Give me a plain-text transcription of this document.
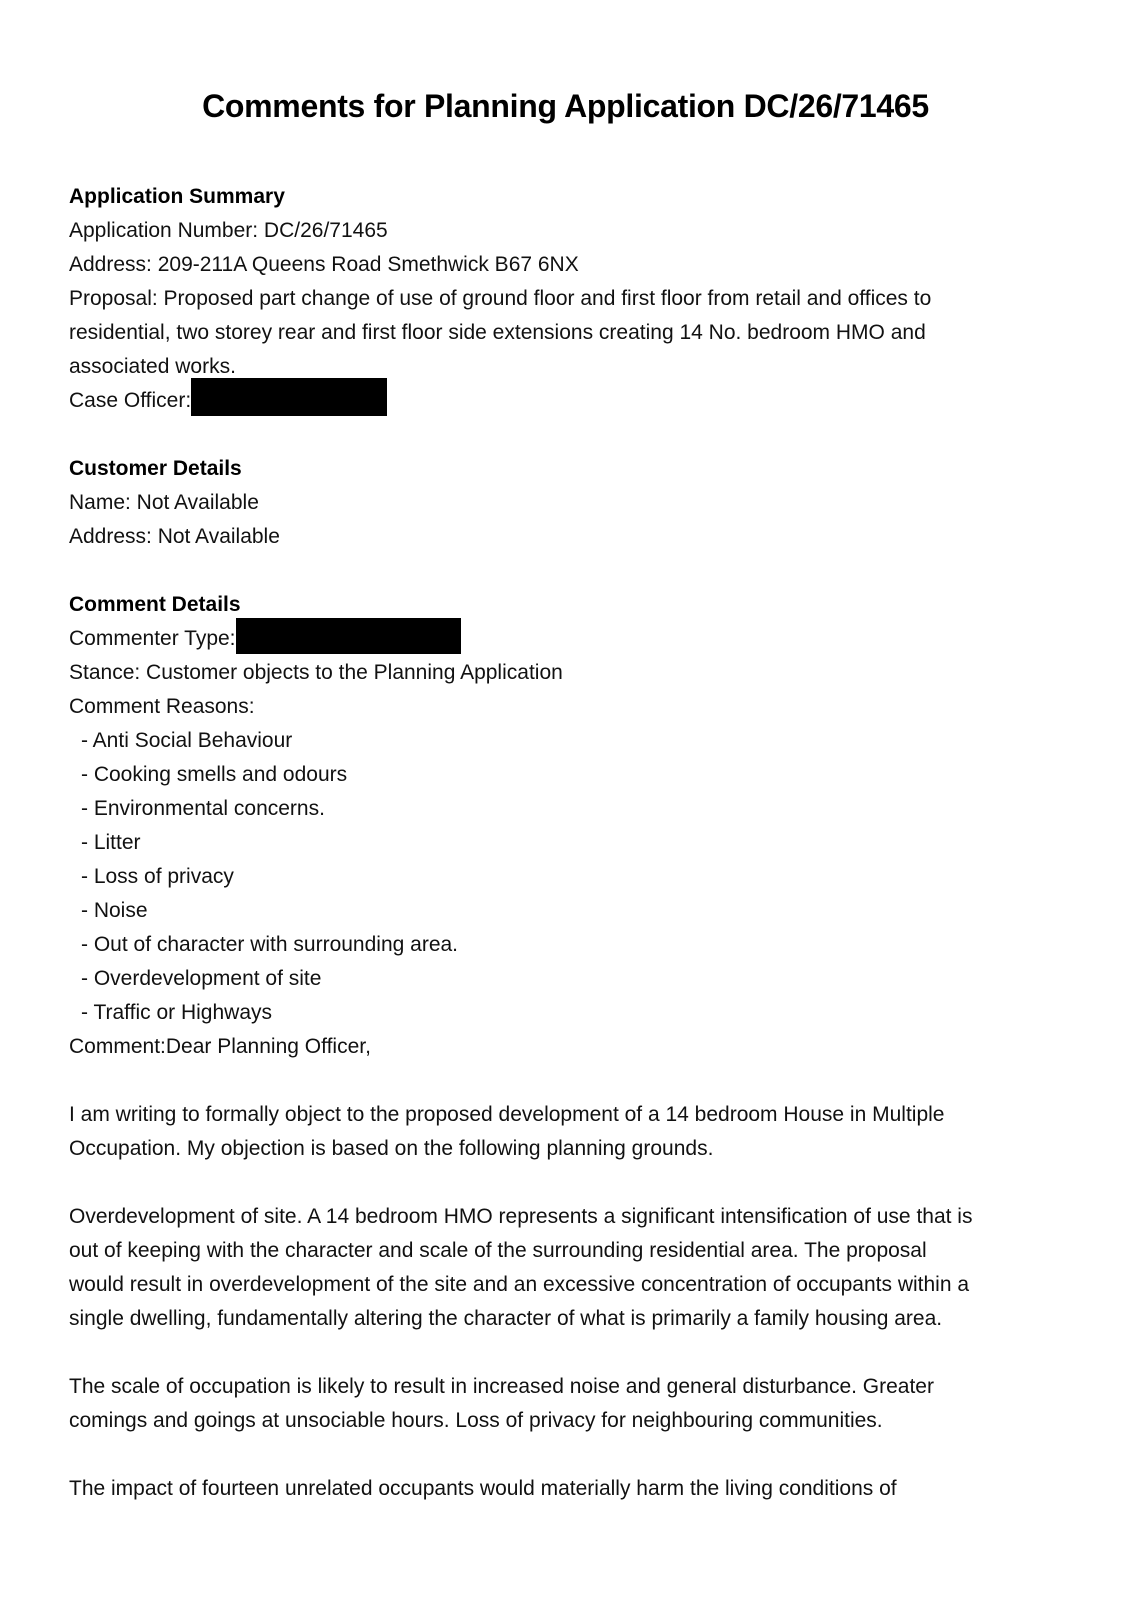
Comments for Planning Application DC/26/71465
Application Summary
Application Number: DC/26/71465
Address: 209-211A Queens Road Smethwick B67 6NX
Proposal: Proposed part change of use of ground floor and first floor from retail and offices to
residential, two storey rear and first floor side extensions creating 14 No. bedroom HMO and
associated works.
Case Officer:
Customer Details
Name: Not Available
Address: Not Available
Comment Details
Commenter Type:
Stance: Customer objects to the Planning Application
Comment Reasons:
- Anti Social Behaviour
- Cooking smells and odours
- Environmental concerns.
- Litter
- Loss of privacy
- Noise
- Out of character with surrounding area.
- Overdevelopment of site
- Traffic or Highways
Comment:Dear Planning Officer,
I am writing to formally object to the proposed development of a 14 bedroom House in Multiple
Occupation. My objection is based on the following planning grounds.
Overdevelopment of site. A 14 bedroom HMO represents a significant intensification of use that is
out of keeping with the character and scale of the surrounding residential area. The proposal
would result in overdevelopment of the site and an excessive concentration of occupants within a
single dwelling, fundamentally altering the character of what is primarily a family housing area.
The scale of occupation is likely to result in increased noise and general disturbance. Greater
comings and goings at unsociable hours. Loss of privacy for neighbouring communities.
The impact of fourteen unrelated occupants would materially harm the living conditions of
